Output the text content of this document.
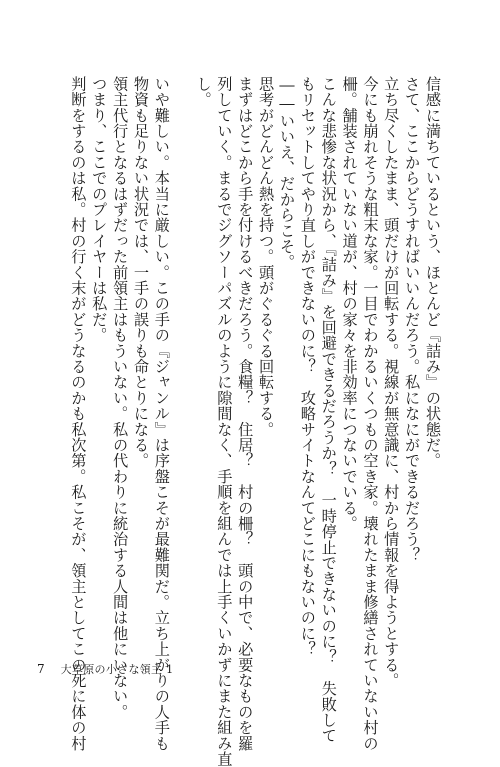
信感に満ちているという、ほとんど『詰み』の状態だ。
さて、ここからどうすればいいんだろう。私になにができるだろう？
立ち尽くしたまま、頭だけが回転する。視線が無意識に、村から情報を得ようとする。
今にも崩れそうな粗末な家。一目でわかるいくつもの空き家。壊れたまま修繕されていない村の
柵。舗装されていない道が、村の家々を非効率につないでいる。
こんな悲惨な状況から、『詰み』を回避できるだろうか？　一時停止できないのに？　失敗して
もリセットしてやり直しができないのに？　攻略サイトなんてどこにもないのに？
――いいえ、だからこそ。
思考がどんどん熱を持つ。頭がぐるぐる回転する。
まずはどこから手を付けるべきだろう。食糧？　住居？　村の柵？　頭の中で、必要なものを羅
列していく。まるでジグソーパズルのように隙間なく、手順を組んでは上手くいかずにまた組み直
し。
いや難しい。本当に厳しい。この手の『ジャンル』は序盤こそが最難関だ。立ち上がりの人手も
物資も足りない状況では、一手の誤りも命とりになる。
領主代行となるはずだった前領主はもういない。私の代わりに統治する人間は他にいない。
つまり、ここでのプレイヤーは私だ。
判断をするのは私。村の行く末がどうなるのかも私次第。私こそが、領主としてこの死に体の村
7 大草原の小さな領主 1
